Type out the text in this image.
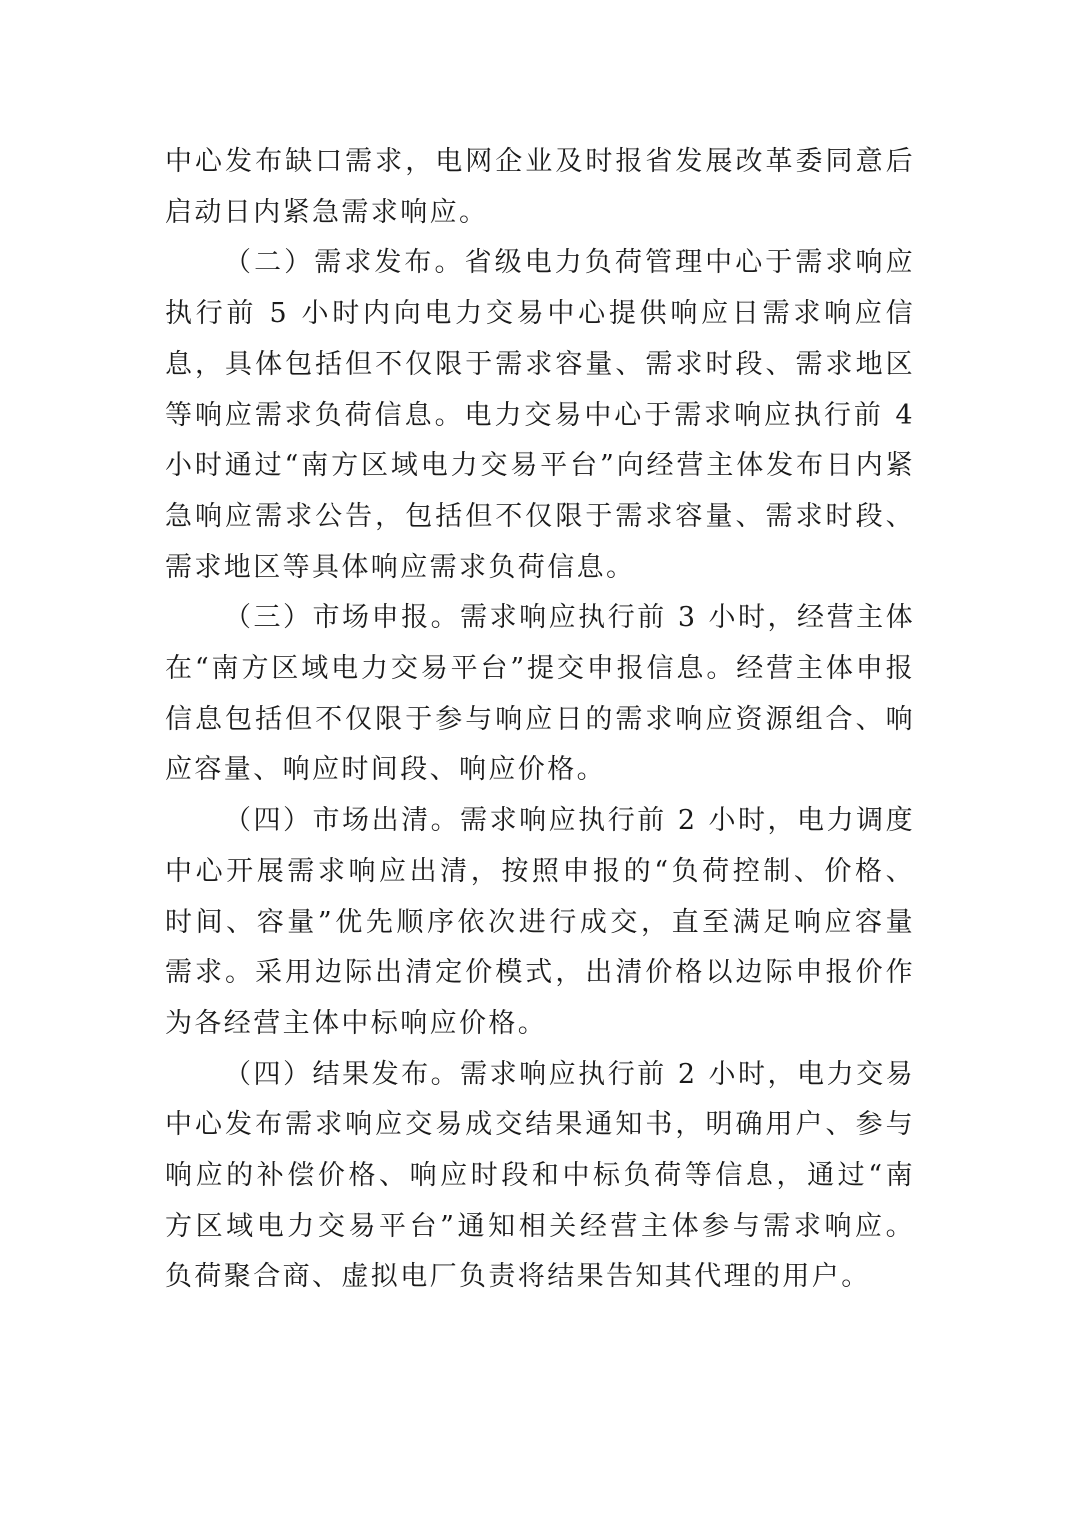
中心发布缺口需求，电网企业及时报省发展改革委同意后启动日内紧急需求响应。

（二）需求发布。省级电力负荷管理中心于需求响应执行前 5 小时内向电力交易中心提供响应日需求响应信息，具体包括但不仅限于需求容量、需求时段、需求地区等响应需求负荷信息。电力交易中心于需求响应执行前 4 小时通过“南方区域电力交易平台”向经营主体发布日内紧急响应需求公告，包括但不仅限于需求容量、需求时段、需求地区等具体响应需求负荷信息。

（三）市场申报。需求响应执行前 3 小时，经营主体在“南方区域电力交易平台”提交申报信息。经营主体申报信息包括但不仅限于参与响应日的需求响应资源组合、响应容量、响应时间段、响应价格。

（四）市场出清。需求响应执行前 2 小时，电力调度中心开展需求响应出清，按照申报的“负荷控制、价格、时间、容量”优先顺序依次进行成交，直至满足响应容量需求。采用边际出清定价模式，出清价格以边际申报价作为各经营主体中标响应价格。

（四）结果发布。需求响应执行前 2 小时，电力交易中心发布需求响应交易成交结果通知书，明确用户、参与响应的补偿价格、响应时段和中标负荷等信息，通过“南方区域电力交易平台”通知相关经营主体参与需求响应。负荷聚合商、虚拟电厂负责将结果告知其代理的用户。
